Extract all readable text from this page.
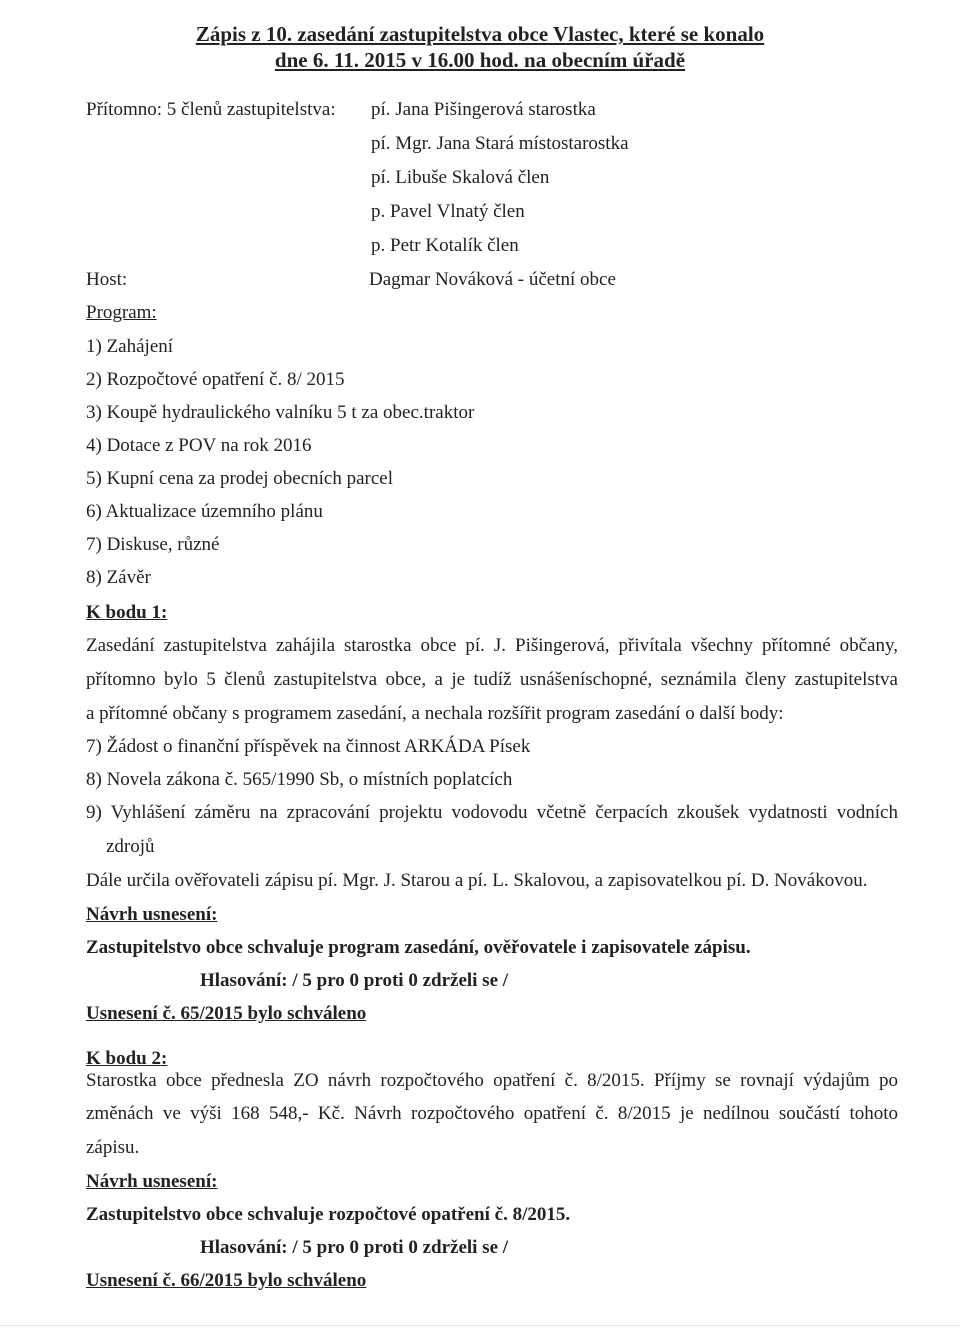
Zápis z 10. zasedání zastupitelstva obce Vlastec, které se konalo
dne 6. 11. 2015 v 16.00 hod. na obecním úřadě
Přítomno: 5 členů zastupitelstva: pí. Jana Pišingerová starostka
pí. Mgr. Jana Stará místostarostka
pí. Libuše Skalová člen
p. Pavel Vlnatý člen
p. Petr Kotalík člen
Host:	Dagmar Nováková - účetní obce
Program:
1) Zahájení
2) Rozpočtové opatření č. 8/ 2015
3) Koupě hydraulického valníku 5 t za obec.traktor
4) Dotace z POV na rok 2016
5) Kupní cena za prodej obecních parcel
6) Aktualizace územního plánu
7) Diskuse, různé
8) Závěr
K bodu 1:
Zasedání zastupitelstva zahájila starostka obce pí. J. Pišingerová, přivítala všechny přítomné občany,
přítomno bylo 5 členů zastupitelstva obce, a je tudíž usnášeníschopné, seznámila členy zastupitelstva
a přítomné občany s programem zasedání, a nechala rozšířit program zasedání o další body:
7) Žádost o finanční příspěvek na činnost ARKÁDA Písek
8) Novela zákona č. 565/1990 Sb, o místních poplatcích
9) Vyhlášení záměru na zpracování projektu vodovodu včetně čerpacích zkoušek vydatnosti vodních
zdrojů
Dále určila ověřovateli zápisu pí. Mgr. J. Starou a pí. L. Skalovou, a zapisovatelkou pí. D. Novákovou.
Návrh usnesení:
Zastupitelstvo obce schvaluje program zasedání, ověřovatele i zapisovatele zápisu.
Hlasování: / 5 pro 0 proti 0 zdrželi se /
Usnesení č. 65/2015 bylo schváleno
K bodu 2:
Starostka obce přednesla ZO návrh rozpočtového opatření č. 8/2015. Příjmy se rovnají výdajům po
změnách ve výši 168 548,- Kč. Návrh rozpočtového opatření č. 8/2015 je nedílnou součástí tohoto
zápisu.
Návrh usnesení:
Zastupitelstvo obce schvaluje rozpočtové opatření č. 8/2015.
Hlasování: / 5 pro 0 proti 0 zdrželi se /
Usnesení č. 66/2015 bylo schváleno
